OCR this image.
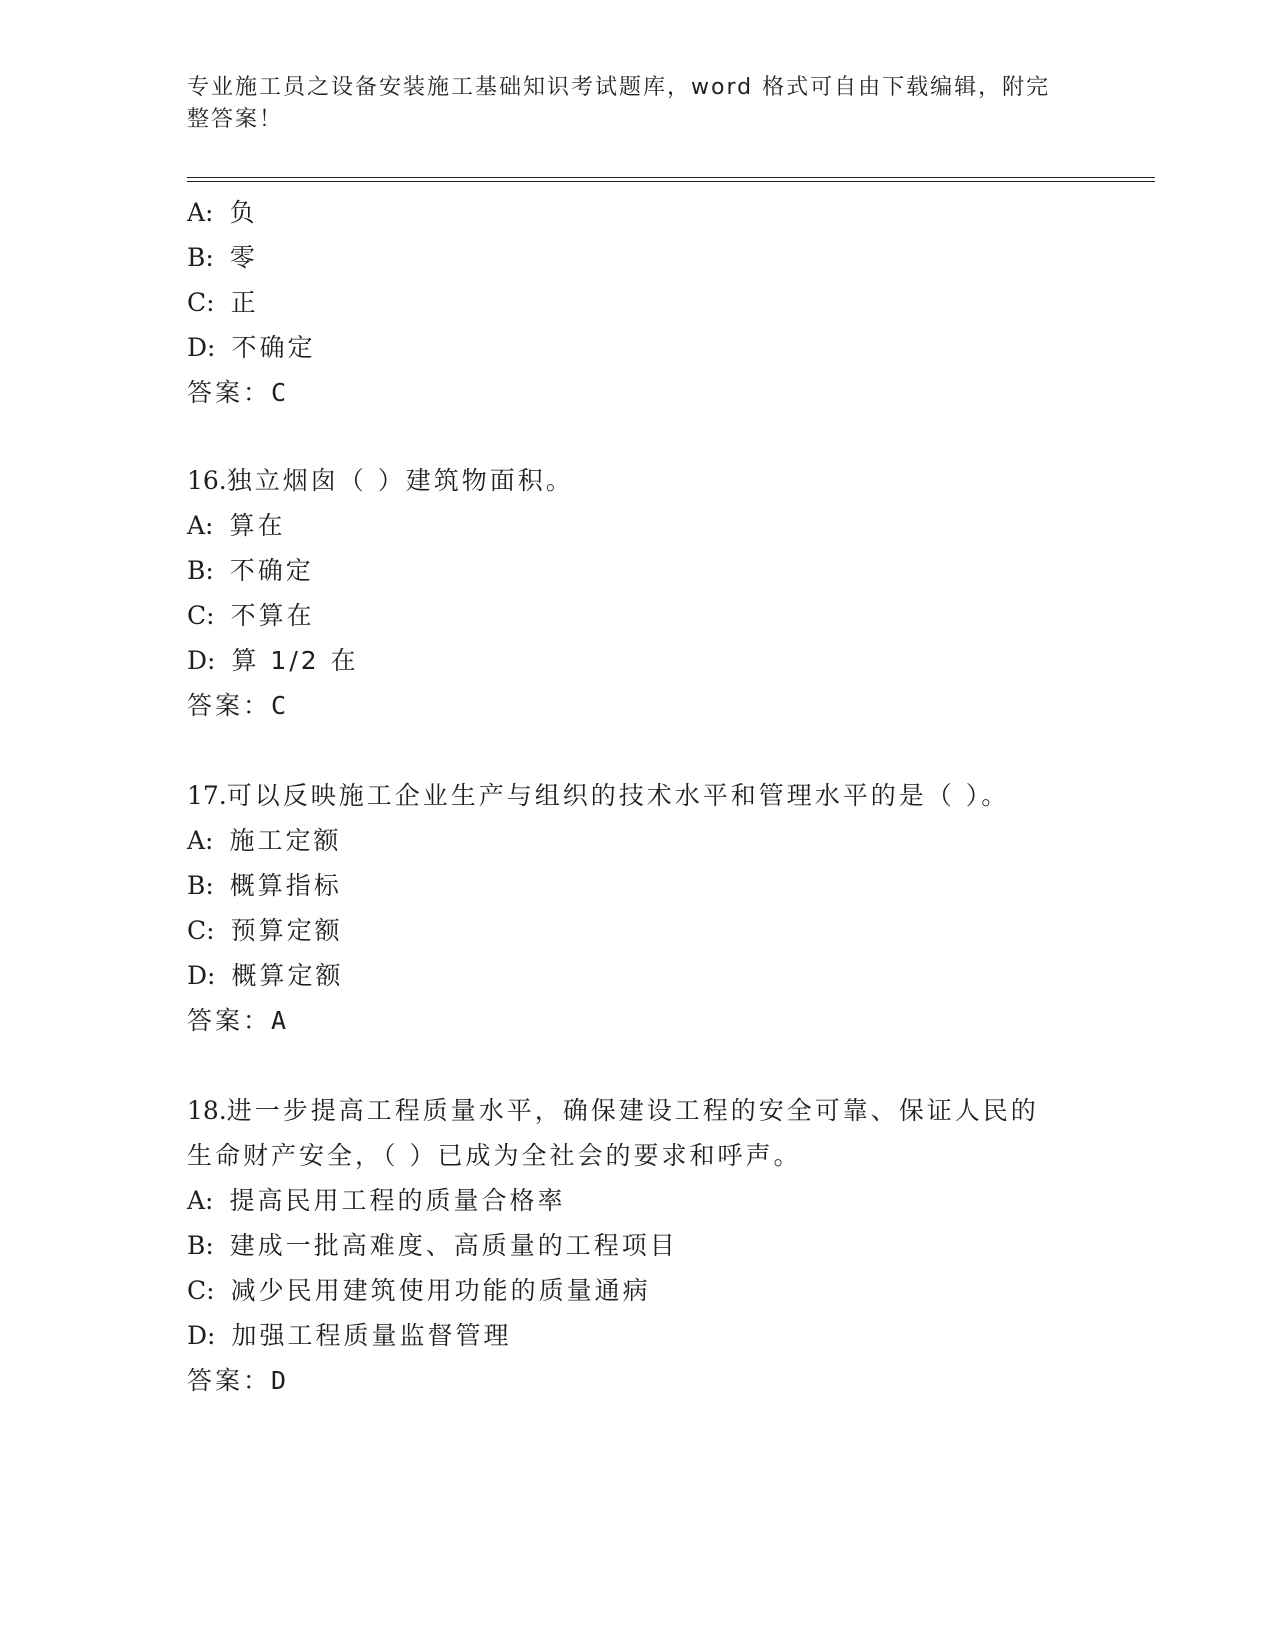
专业施工员之设备安装施工基础知识考试题库，word 格式可自由下载编辑，附完
整答案！
A: 负
B: 零
C: 正
D: 不确定
答案：C
16.独立烟囱（ ）建筑物面积。
A: 算在
B: 不确定
C: 不算在
D: 算 1/2 在
答案：C
17.可以反映施工企业生产与组织的技术水平和管理水平的是（ ）。
A: 施工定额
B: 概算指标
C: 预算定额
D: 概算定额
答案：A
18.进一步提高工程质量水平，确保建设工程的安全可靠、保证人民的
生命财产安全，（ ）已成为全社会的要求和呼声。
A: 提高民用工程的质量合格率
B: 建成一批高难度、高质量的工程项目
C: 减少民用建筑使用功能的质量通病
D: 加强工程质量监督管理
答案：D
